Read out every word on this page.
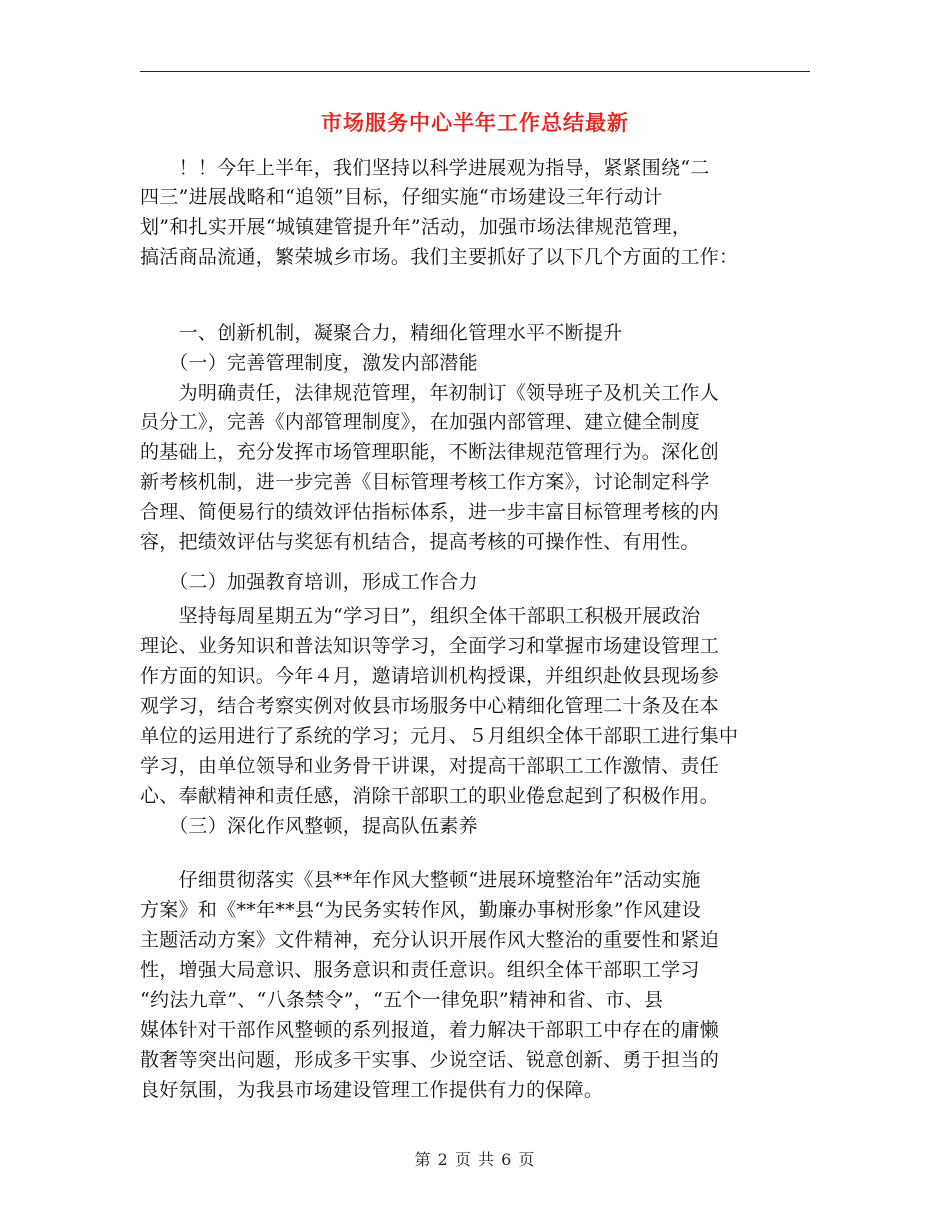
市场服务中心半年工作总结最新
　　！！今年上半年，我们坚持以科学进展观为指导，紧紧围绕“二
四三”进展战略和“追领”目标，仔细实施“市场建设三年行动计
划”和扎实开展“城镇建管提升年”活动，加强市场法律规范管理，
搞活商品流通，繁荣城乡市场。我们主要抓好了以下几个方面的工作：
　　一、创新机制，凝聚合力，精细化管理水平不断提升
　　（一）完善管理制度，激发内部潜能
　　为明确责任，法律规范管理，年初制订《领导班子及机关工作人
员分工》，完善《内部管理制度》，在加强内部管理、建立健全制度
的基础上，充分发挥市场管理职能，不断法律规范管理行为。深化创
新考核机制，进一步完善《目标管理考核工作方案》，讨论制定科学
合理、简便易行的绩效评估指标体系，进一步丰富目标管理考核的内
容，把绩效评估与奖惩有机结合，提高考核的可操作性、有用性。
　　（二）加强教育培训，形成工作合力
　　坚持每周星期五为“学习日”，组织全体干部职工积极开展政治
理论、业务知识和普法知识等学习，全面学习和掌握市场建设管理工
作方面的知识。今年４月，邀请培训机构授课，并组织赴攸县现场参
观学习，结合考察实例对攸县市场服务中心精细化管理二十条及在本
单位的运用进行了系统的学习；元月、５月组织全体干部职工进行集中
学习，由单位领导和业务骨干讲课，对提高干部职工工作激情、责任
心、奉献精神和责任感，消除干部职工的职业倦怠起到了积极作用。
　　（三）深化作风整顿，提高队伍素养
　　仔细贯彻落实《县**年作风大整顿“进展环境整治年”活动实施
方案》和《**年**县“为民务实转作风，勤廉办事树形象”作风建设
主题活动方案》文件精神，充分认识开展作风大整治的重要性和紧迫
性，增强大局意识、服务意识和责任意识。组织全体干部职工学习
“约法九章”、“八条禁令”，“五个一律免职”精神和省、市、县
媒体针对干部作风整顿的系列报道，着力解决干部职工中存在的庸懒
散奢等突出问题，形成多干实事、少说空话、锐意创新、勇于担当的
良好氛围，为我县市场建设管理工作提供有力的保障。
第 2 页 共 6 页
